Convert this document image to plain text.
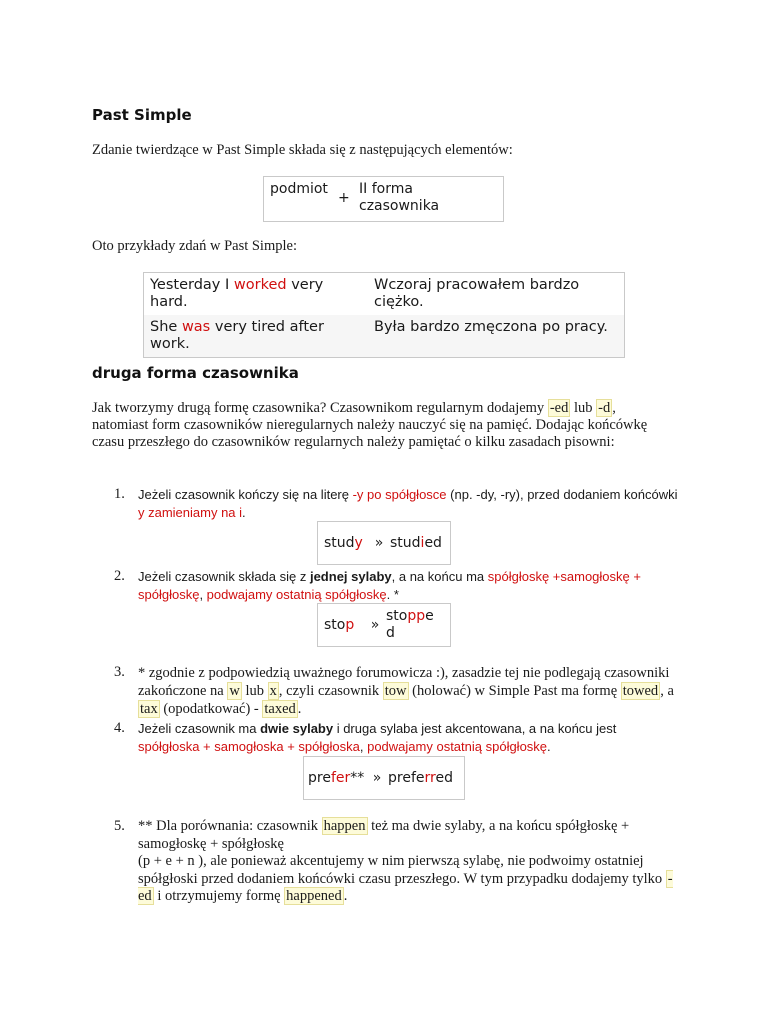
Past Simple
Zdanie twierdzące w Past Simple składa się z następujących elementów:
podmiot
+
II forma czasownika
Oto przykłady zdań w Past Simple:
Yesterday I worked very hard.	Wczoraj pracowałem bardzo ciężko.
She was very tired after work.	Była bardzo zmęczona po pracy.
druga forma czasownika
Jak tworzymy drugą formę czasownika? Czasownikom regularnym dodajemy -ed lub -d , natomiast form czasowników nieregularnych należy nauczyć się na pamięć. Dodając końcówkę czasu przeszłego do czasowników regularnych należy pamiętać o kilku zasadach pisowni:
1. Jeżeli czasownik kończy się na literę -y po spółgłosce (np. -dy, -ry), przed dodaniem końcówki y zamieniamy na i.
study » studied
2. Jeżeli czasownik składa się z jednej sylaby, a na końcu ma spółgłoskę +samogłoskę + spółgłoskę, podwajamy ostatnią spółgłoskę. *
stop	»
stopped
3. * zgodnie z podpowiedzią uważnego forumowicza :), zasadzie tej nie podlegają czasowniki zakończone na w lub x , czyli czasownik tow (holować) w Simple Past ma formę towed , a tax (opodatkować) - taxed .
4. Jeżeli czasownik ma dwie sylaby i druga sylaba jest akcentowana, a na końcu jest spółgłoska + samogłoska + spółgłoska, podwajamy ostatnią spółgłoskę.
prefer** » preferred
5. ** Dla porównania: czasownik happen też ma dwie sylaby, a na końcu spółgłoskę + samogłoskę + spółgłoskę
(p + e + n ), ale ponieważ akcentujemy w nim pierwszą sylabę, nie podwoimy ostatniej spółgłoski przed dodaniem końcówki czasu przeszłego. W tym przypadku dodajemy tylko -ed i otrzymujemy formę happened .
